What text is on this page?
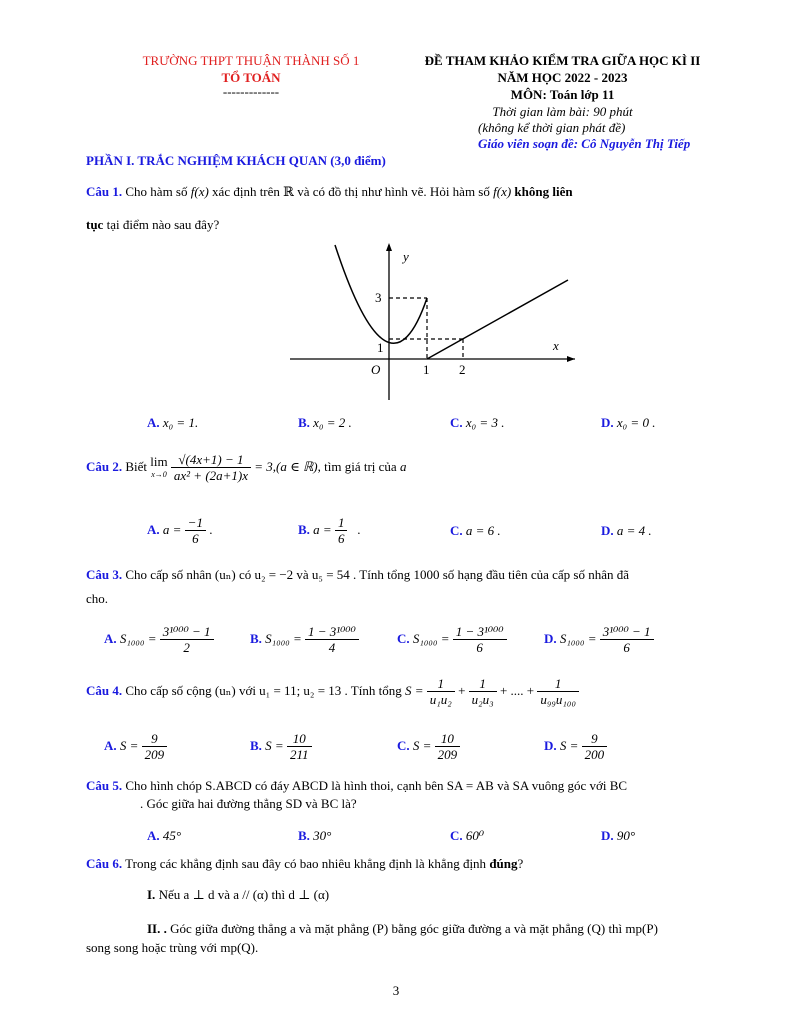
TRƯỜNG THPT THUẬN THÀNH SỐ 1
TỔ TOÁN
-------------
ĐỀ THAM KHẢO KIỂM TRA GIỮA HỌC KÌ II
NĂM HỌC 2022 - 2023
MÔN: Toán lớp 11
Thời gian làm bài: 90 phút
(không kể thời gian phát đề)
Giáo viên soạn đề: Cô Nguyễn Thị Tiếp
PHẦN I. TRẮC NGHIỆM KHÁCH QUAN (3,0 điểm)
Câu 1. Cho hàm số f(x) xác định trên ℝ và có đồ thị như hình vẽ. Hỏi hàm số f(x) không liên
tục tại điểm nào sau đây?
y
x
O	1 2
3
1
A. x₀ = 1.	B. x₀ = 2 .	C. x₀ = 3 .	D. x₀ = 0 .
Câu 2. Biết lim
x→0
$\frac{√(4x+1) - 1}{\text{ax² + (2a+1)x}} = 3,(a$ ∈ ℝ), tìm giá trị của a
A. $a = \frac{-1}{6}$ .	B. $a = \frac{1}{6}$ .	C. a = 6 .	D. a = 4 .
Câu 3. Cho cấp số nhân (uₙ) có u₂ = −2 và u₅ = 54 . Tính tổng 1000 số hạng đầu tiên của cấp số nhân đã
cho.
A. $S_{1000} = \frac{\text{3¹⁰⁰⁰ − 1}}{2}$	B. $S_{1000} = \frac{\text{1 − 3¹⁰⁰⁰}}{4}$	C. $S_{1000} = \frac{\text{1 − 3¹⁰⁰⁰}}{6}$	D. $S_{1000} = \frac{\text{3¹⁰⁰⁰ − 1}}{6}$
Câu 4. Cho cấp số cộng (uₙ) với u₁ = 11; u₂ = 13 . Tính tổng $S = \frac{1}{\text{u₁u₂}} + \frac{1}{\text{u₂u₃}}$ + .... + $\frac{1}{\text{u₉₉u₁₀₀}}$
A. $S = \frac{9}{209}$	B. $S = \frac{10}{211}$	C. $S = \frac{10}{209}$	D. $S = \frac{9}{200}$
Câu 5. Cho hình chóp S.ABCD có đáy ABCD là hình thoi, cạnh bên SA = AB và SA vuông góc với BC
. Góc giữa hai đường thẳng SD và BC là?
A. 45°	B. 30°	C. 60⁰	D. 90°
Câu 6. Trong các khẳng định sau đây có bao nhiêu khẳng định là khẳng định đúng?
I. Nếu a ⊥ d và a // (α) thì d ⊥ (α)
II. . Góc giữa đường thẳng a và mặt phẳng (P) bằng góc giữa đường a và mặt phẳng (Q) thì mp(P)
song song hoặc trùng với mp(Q).
3
